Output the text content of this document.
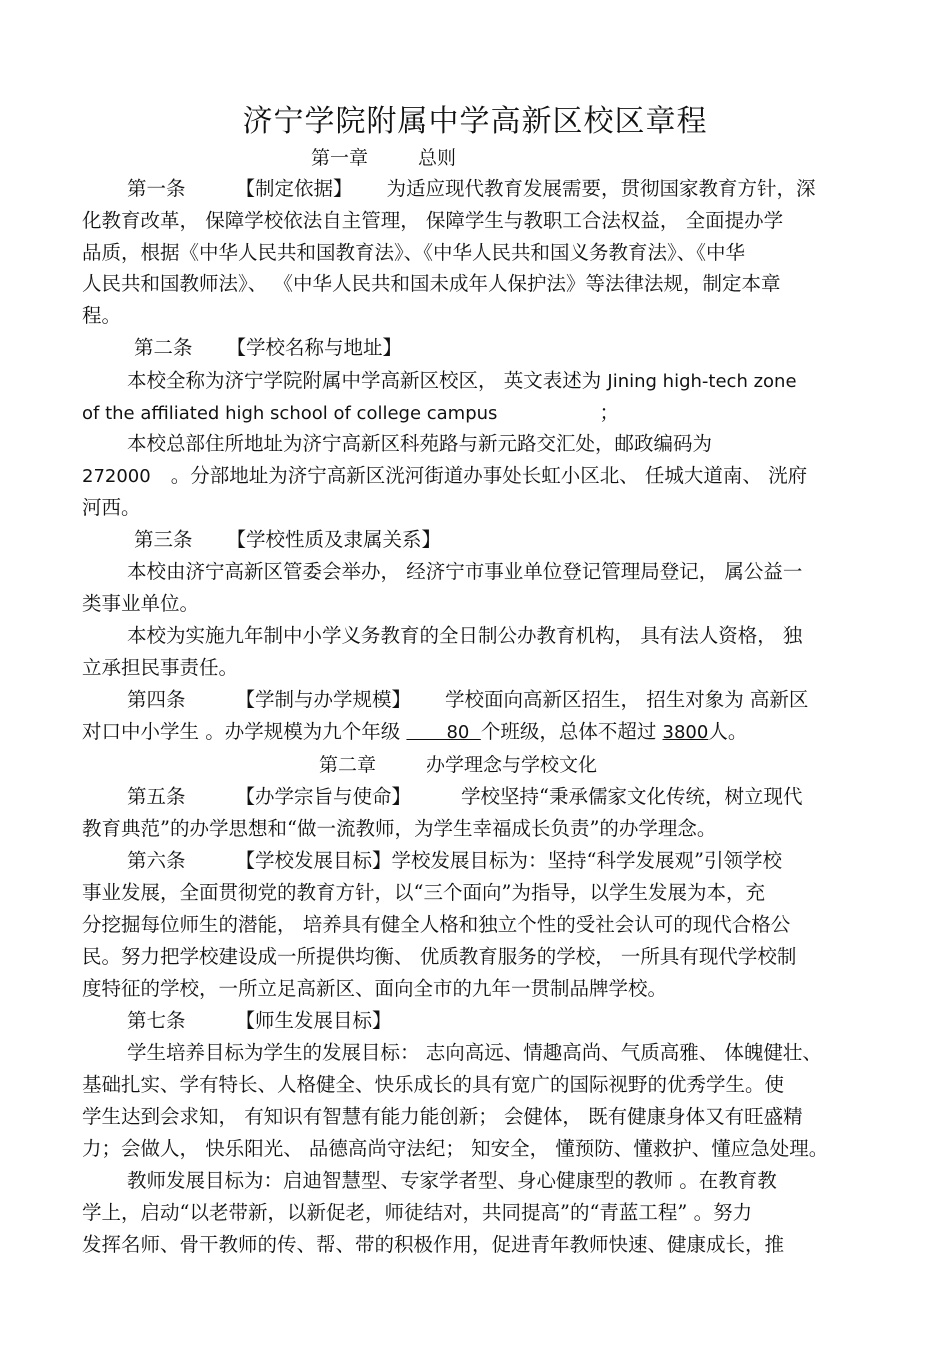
济宁学院附属中学高新区校区章程
第一章	总则
第一条	【制定依据】 为适应现代教育发展需要，贯彻国家教育方针，深
化教育改革， 保障学校依法自主管理， 保障学生与教职工合法权益， 全面提办学
品质，根据《中华人民共和国教育法》、《中华人民共和国义务教育法》、《中华
人民共和国教师法》、 《中华人民共和国未成年人保护法》等法律法规，制定本章
程。
第二条 【学校名称与地址】
本校全称为济宁学院附属中学高新区校区， 英文表述为 Jining high-tech zone
of the affiliated high school of college campus	；
本校总部住所地址为济宁高新区科苑路与新元路交汇处，邮政编码为
272000 。分部地址为济宁高新区洸河街道办事处长虹小区北、 任城大道南、 洸府
河西。
第三条 【学校性质及隶属关系】
本校由济宁高新区管委会举办， 经济宁市事业单位登记管理局登记， 属公益一
类事业单位。
本校为实施九年制中小学义务教育的全日制公办教育机构， 具有法人资格， 独
立承担民事责任。
第四条	【学制与办学规模】 学校面向高新区招生， 招生对象为 高新区
对口中小学生 。办学规模为九个年级        80  个班级，总体不超过 3800人。
第二章	办学理念与学校文化
第五条	【办学宗旨与使命】	学校坚持“秉承儒家文化传统，树立现代
教育典范”的办学思想和“做一流教师，为学生幸福成长负责”的办学理念。
第六条	【学校发展目标】学校发展目标为：坚持“科学发展观”引领学校
事业发展，全面贯彻党的教育方针，以“三个面向”为指导，以学生发展为本，充
分挖掘每位师生的潜能， 培养具有健全人格和独立个性的受社会认可的现代合格公
民。努力把学校建设成一所提供均衡、 优质教育服务的学校， 一所具有现代学校制
度特征的学校，一所立足高新区、面向全市的九年一贯制品牌学校。
第七条	【师生发展目标】
学生培养目标为学生的发展目标： 志向高远、情趣高尚、气质高雅、 体魄健壮、
基础扎实、学有特长、人格健全、快乐成长的具有宽广的国际视野的优秀学生。使
学生达到会求知， 有知识有智慧有能力能创新； 会健体， 既有健康身体又有旺盛精
力；会做人， 快乐阳光、 品德高尚守法纪； 知安全， 懂预防、懂救护、懂应急处理。
教师发展目标为：启迪智慧型、专家学者型、身心健康型的教师 。在教育教
学上，启动“以老带新，以新促老，师徒结对，共同提高”的“青蓝工程” 。努力
发挥名师、骨干教师的传、帮、带的积极作用，促进青年教师快速、健康成长，推
